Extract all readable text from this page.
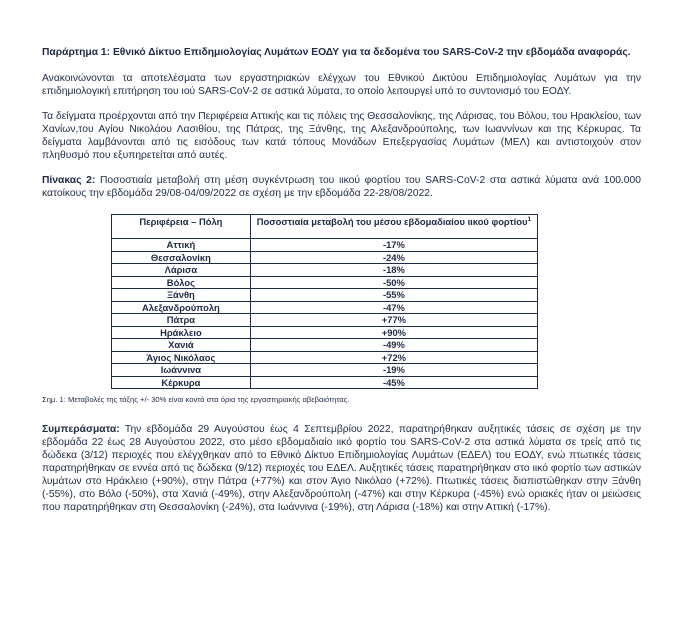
Παράρτημα 1: Εθνικό Δίκτυο Επιδημιολογίας Λυμάτων ΕΟΔΥ για τα δεδομένα του SARS-CoV-2 την εβδομάδα αναφοράς.

Ανακοινώνονται τα αποτελέσματα των εργαστηριακών ελέγχων του Εθνικού Δικτύου Επιδημιολογίας Λυμάτων για την επιδημιολογική επιτήρηση του ιού SARS-CoV-2 σε αστικά λύματα, το οποίο λειτουργεί υπό το συντονισμό του ΕΟΔΥ.

Τα δείγματα προέρχονται από την Περιφέρεια Αττικής και τις πόλεις της Θεσσαλονίκης, της Λάρισας, του Βόλου, του Ηρακλείου, των Χανίων,του Αγίου Νικολάου Λασιθίου, της Πάτρας, της Ξάνθης, της Αλεξανδρούπολης, των Ιωαννίνων και της Κέρκυρας. Τα δείγματα λαμβάνονται από τις εισόδους των κατά τόπους Μονάδων Επεξεργασίας Λυμάτων (ΜΕΛ) και αντιστοιχούν στον πληθυσμό που εξυπηρετείται από αυτές.

Πίνακας 2: Ποσοστιαία μεταβολή στη μέση συγκέντρωση του ιικού φορτίου του SARS-CoV-2 στα αστικά λύματα ανά 100.000 κατοίκους την εβδομάδα 29/08-04/09/2022 σε σχέση με την εβδομάδα 22-28/08/2022.

Περιφέρεια – Πόλη	Ποσοστιαία μεταβολή του μέσου εβδομαδιαίου ιικού φορτίου$^1$
Αττική	-17%
Θεσσαλονίκη	-24%
Λάρισα	-18%
Βόλος	-50%
Ξάνθη	-55%
Αλεξανδρούπολη	-47%
Πάτρα	+77%
Ηράκλειο	+90%
Χανιά	-49%
Άγιος Νικόλαος	+72%
Ιωάννινα	-19%
Κέρκυρα	-45%
Σημ. 1: Μεταβολές της τάξης +/- 30% είναι κοντά στα όρια της εργαστηριακής αβεβαιότητας.

Συμπεράσματα: Την εβδομάδα 29 Αυγούστου έως 4 Σεπτεμβρίου 2022, παρατηρήθηκαν αυξητικές τάσεις σε σχέση με την εβδομάδα 22 έως 28 Αυγούστου 2022, στο μέσο εβδομαδιαίο ιικό φορτίο του SARS-CoV-2 στα αστικά λύματα σε τρείς από τις δώδεκα (3/12) περιοχές που ελέγχθηκαν από το Εθνικό Δίκτυο Επιδημιολογίας Λυμάτων (ΕΔΕΛ) του ΕΟΔΥ, ενώ πτωτικές τάσεις παρατηρήθηκαν σε εννέα από τις δώδεκα (9/12) περιοχές του ΕΔΕΛ. Αυξητικές τάσεις παρατηρήθηκαν στο ιικό φορτίο των αστικών λυμάτων στο Ηράκλειο (+90%), στην Πάτρα (+77%) και στον Άγιο Νικόλαο (+72%). Πτωτικές τάσεις διαπιστώθηκαν στην Ξάνθη (-55%), στο Βόλο (-50%), στα Χανιά (-49%), στην Αλεξανδρούπολη (-47%) και στην Κέρκυρα (-45%) ενώ οριακές ήταν οι μειώσεις που παρατηρήθηκαν στη Θεσσαλονίκη (-24%), στα Ιωάννινα (-19%), στη Λάρισα (-18%) και στην Αττική (-17%).
